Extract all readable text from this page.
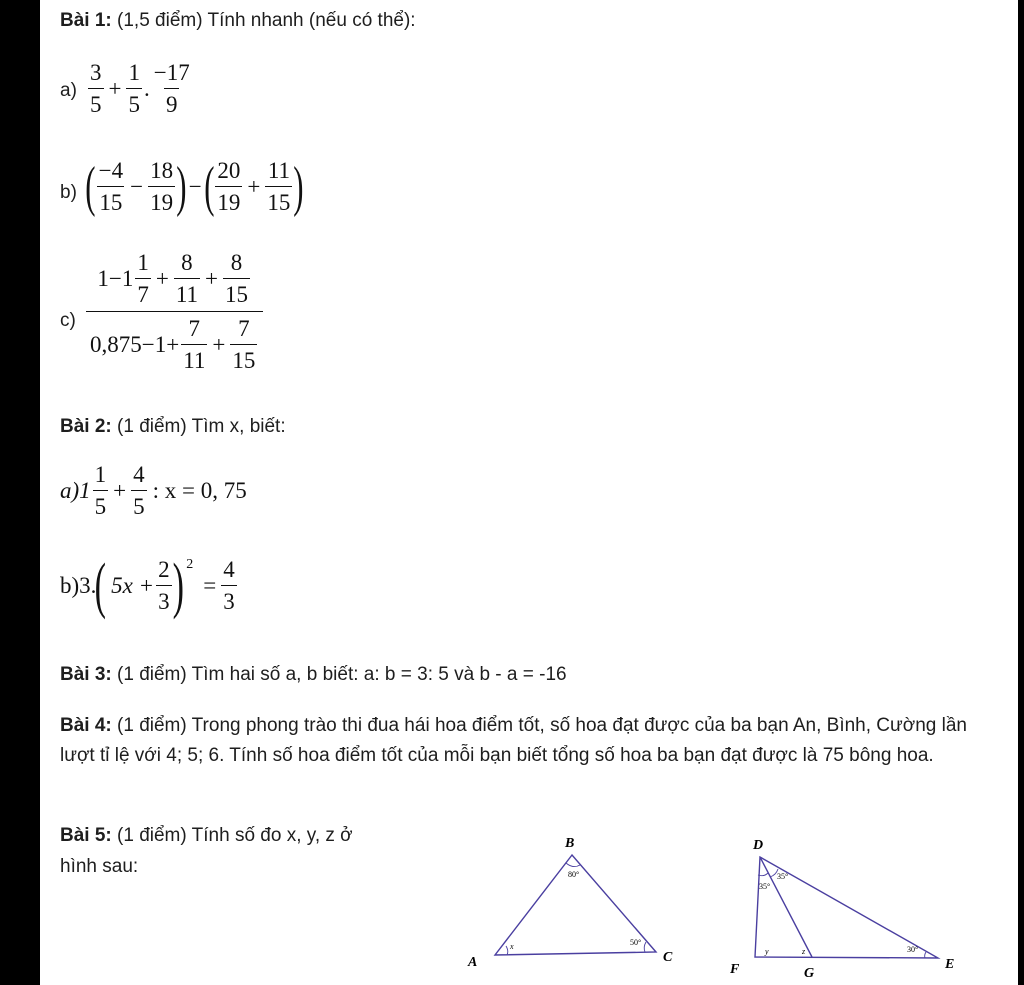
Bài 1: (1,5 điểm) Tính nhanh (nếu có thể):
$a) \frac{3}{5} + \frac{1}{5}$ . $\frac{-17}{9}$
b) ( $\frac{-4}{15} - \frac{18}{19}$ ) − ( $\frac{20}{19} + \frac{11}{15}$ )
$c) \frac{1-1 \frac{1}{7} + \frac{8}{11} + \frac{8}{15}}{0,875-1+ \frac{7}{11} + \frac{7}{15}}$
Bài 2: (1 điểm) Tìm x, biết:
$a)1 \frac{1}{5} + \frac{4}{5}$ : x = 0, 75
b)3.
( $5x + \frac{2}{3}$ ) 2
= $\frac{4}{3}$
Bài 3: (1 điểm) Tìm hai số a, b biết: a: b = 3: 5 và b - a = -16
Bài 4: (1 điểm) Trong phong trào thi đua hái hoa điểm tốt, số hoa đạt được của ba bạn An, Bình, Cường lần lượt tỉ lệ với 4; 5; 6. Tính số hoa điểm tốt của mỗi bạn biết tổng số hoa ba bạn đạt được là 75 bông hoa.
Bài 5: (1 điểm) Tính số đo x, y, z ở
hình sau:
B
A	C
80°
50°
x
D
F	E
G
35°
35°
30°
y	z
